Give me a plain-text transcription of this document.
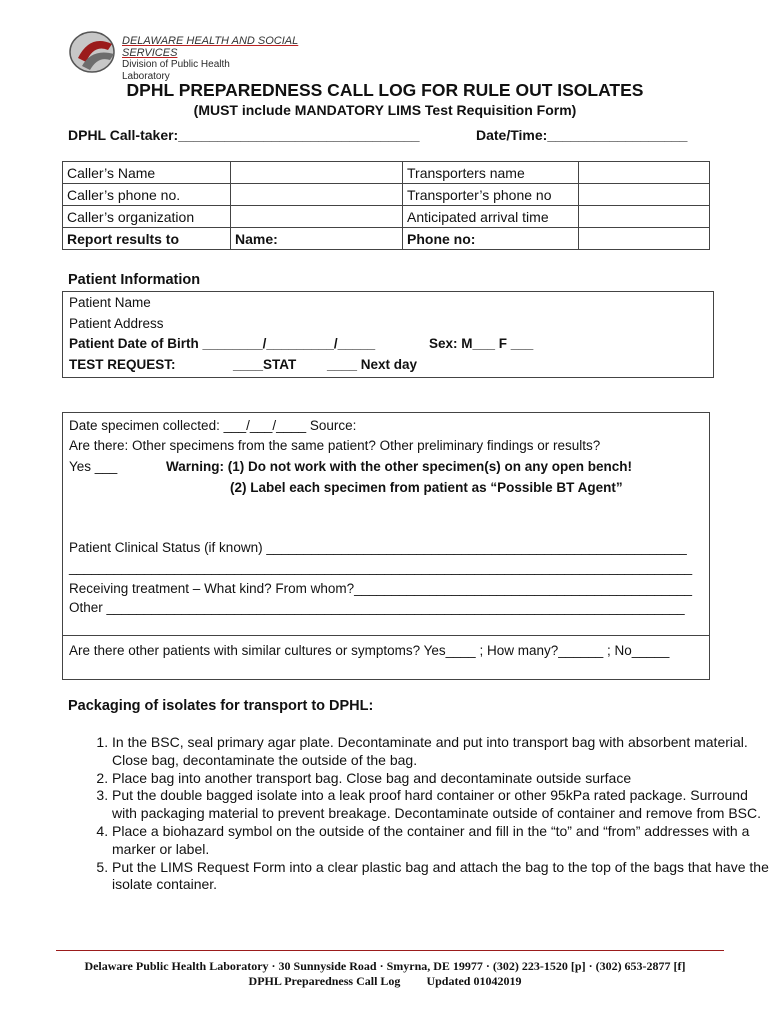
DELAWARE HEALTH AND SOCIAL SERVICES
Division of Public Health
Laboratory
DPHL PREPAREDNESS CALL LOG FOR RULE OUT ISOLATES
(MUST include MANDATORY LIMS Test Requisition Form)
DPHL Call-taker:_______________________________	Date/Time:__________________
Caller’s Name		Transporters name	
Caller’s phone no.		Transporter’s phone no	
Caller’s organization		Anticipated arrival time	
Report results to	Name:	Phone no:	
Patient Information
Patient Name
Patient Address
Patient Date of Birth ________/_________/_____	Sex: M___ F ___
TEST REQUEST:	____STAT ____ Next day
Date specimen collected: ___/___/____ Source:
Are there: Other specimens from the same patient? Other preliminary findings or results?
Yes ___	Warning: (1) Do not work with the other specimen(s) on any open bench!
(2) Label each specimen from patient as “Possible BT Agent”
Patient Clinical Status (if known) ________________________________________________________
___________________________________________________________________________________
Receiving treatment – What kind? From whom?_____________________________________________
Other _____________________________________________________________________________
Are there other patients with similar cultures or symptoms? Yes____ ; How many?______ ; No_____
Packaging of isolates for transport to DPHL:
1. In the BSC, seal primary agar plate. Decontaminate and put into transport bag with absorbent material. Close bag, decontaminate the outside of the bag.
2. Place bag into another transport bag. Close bag and decontaminate outside surface
3. Put the double bagged isolate into a leak proof hard container or other 95kPa rated package. Surround with packaging material to prevent breakage. Decontaminate outside of container and remove from BSC.
4. Place a biohazard symbol on the outside of the container and fill in the “to” and “from” addresses with a marker or label.
5. Put the LIMS Request Form into a clear plastic bag and attach the bag to the top of the bags that have the isolate container.
Delaware Public Health Laboratory · 30 Sunnyside Road · Smyrna, DE 19977 · (302) 223-1520 [p] · (302) 653-2877 [f]
DPHL Preparedness Call Log Updated 01042019
